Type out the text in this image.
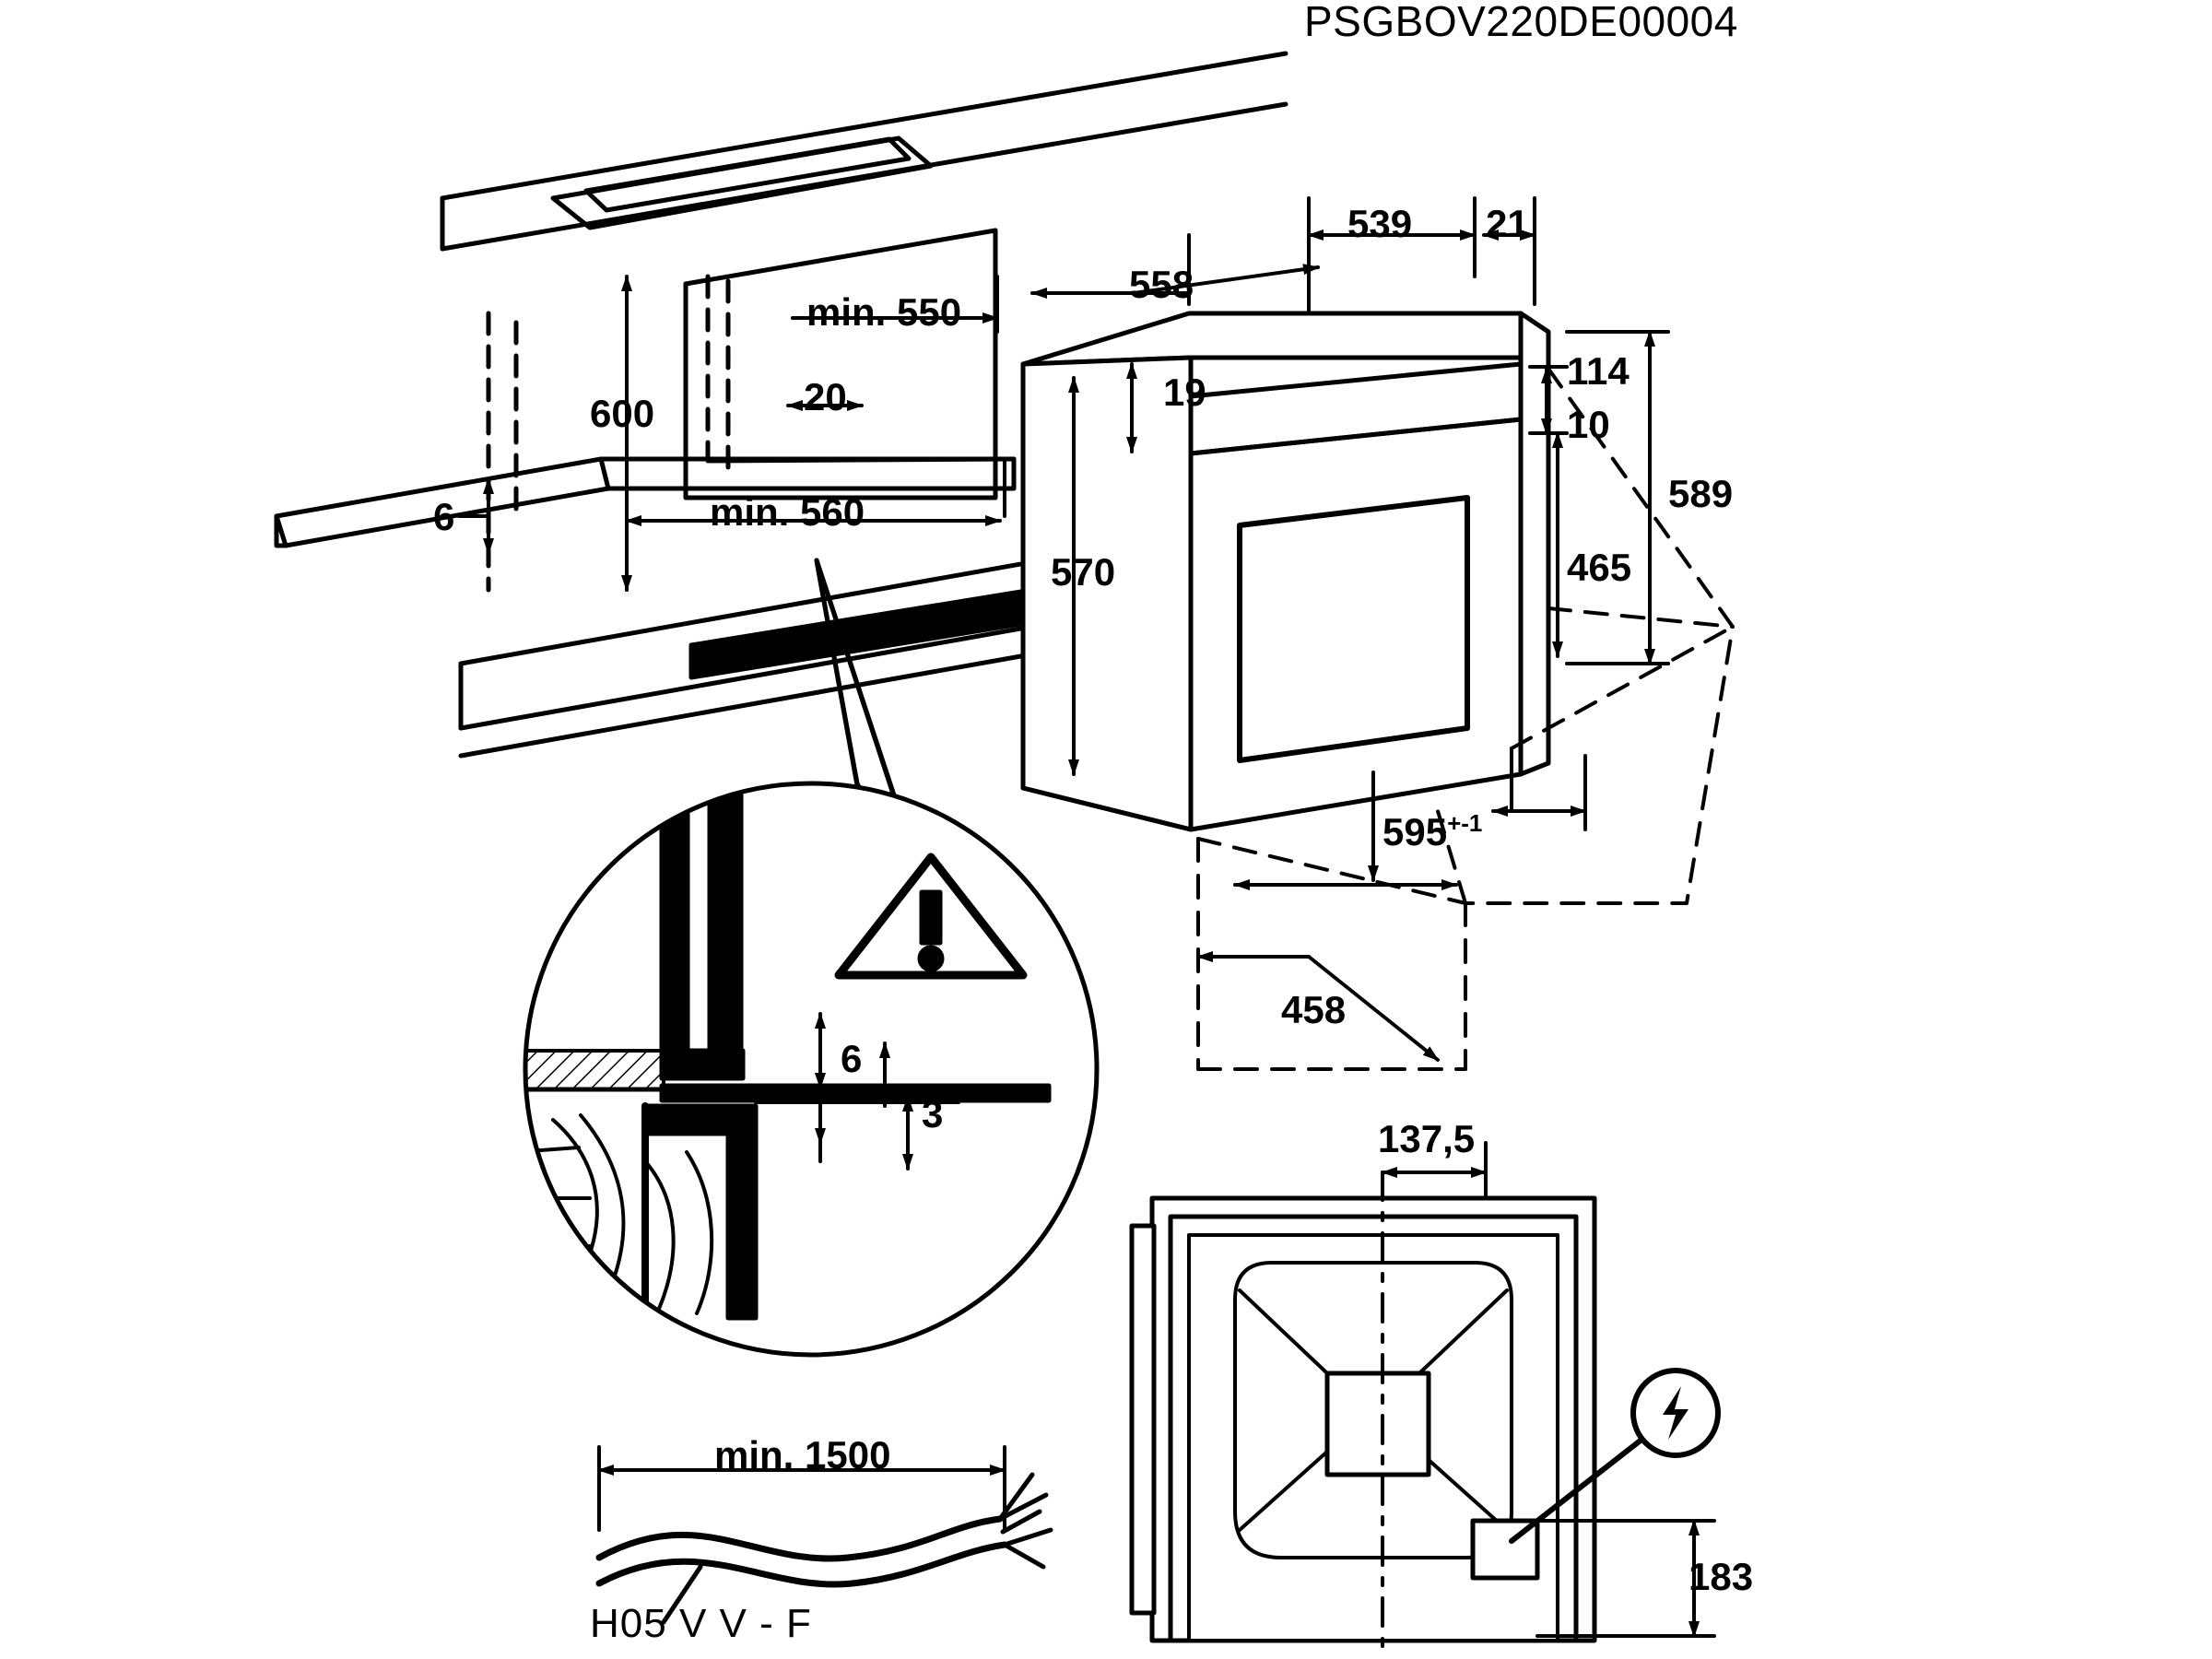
PSGBOV220DE00004
min. 550
600	20
min. 560
6
558
539 21
19
570
114
10
589
465
$595^{+-1}$
458
6
3
137,5
183
min. 1500
H05 V V - F
